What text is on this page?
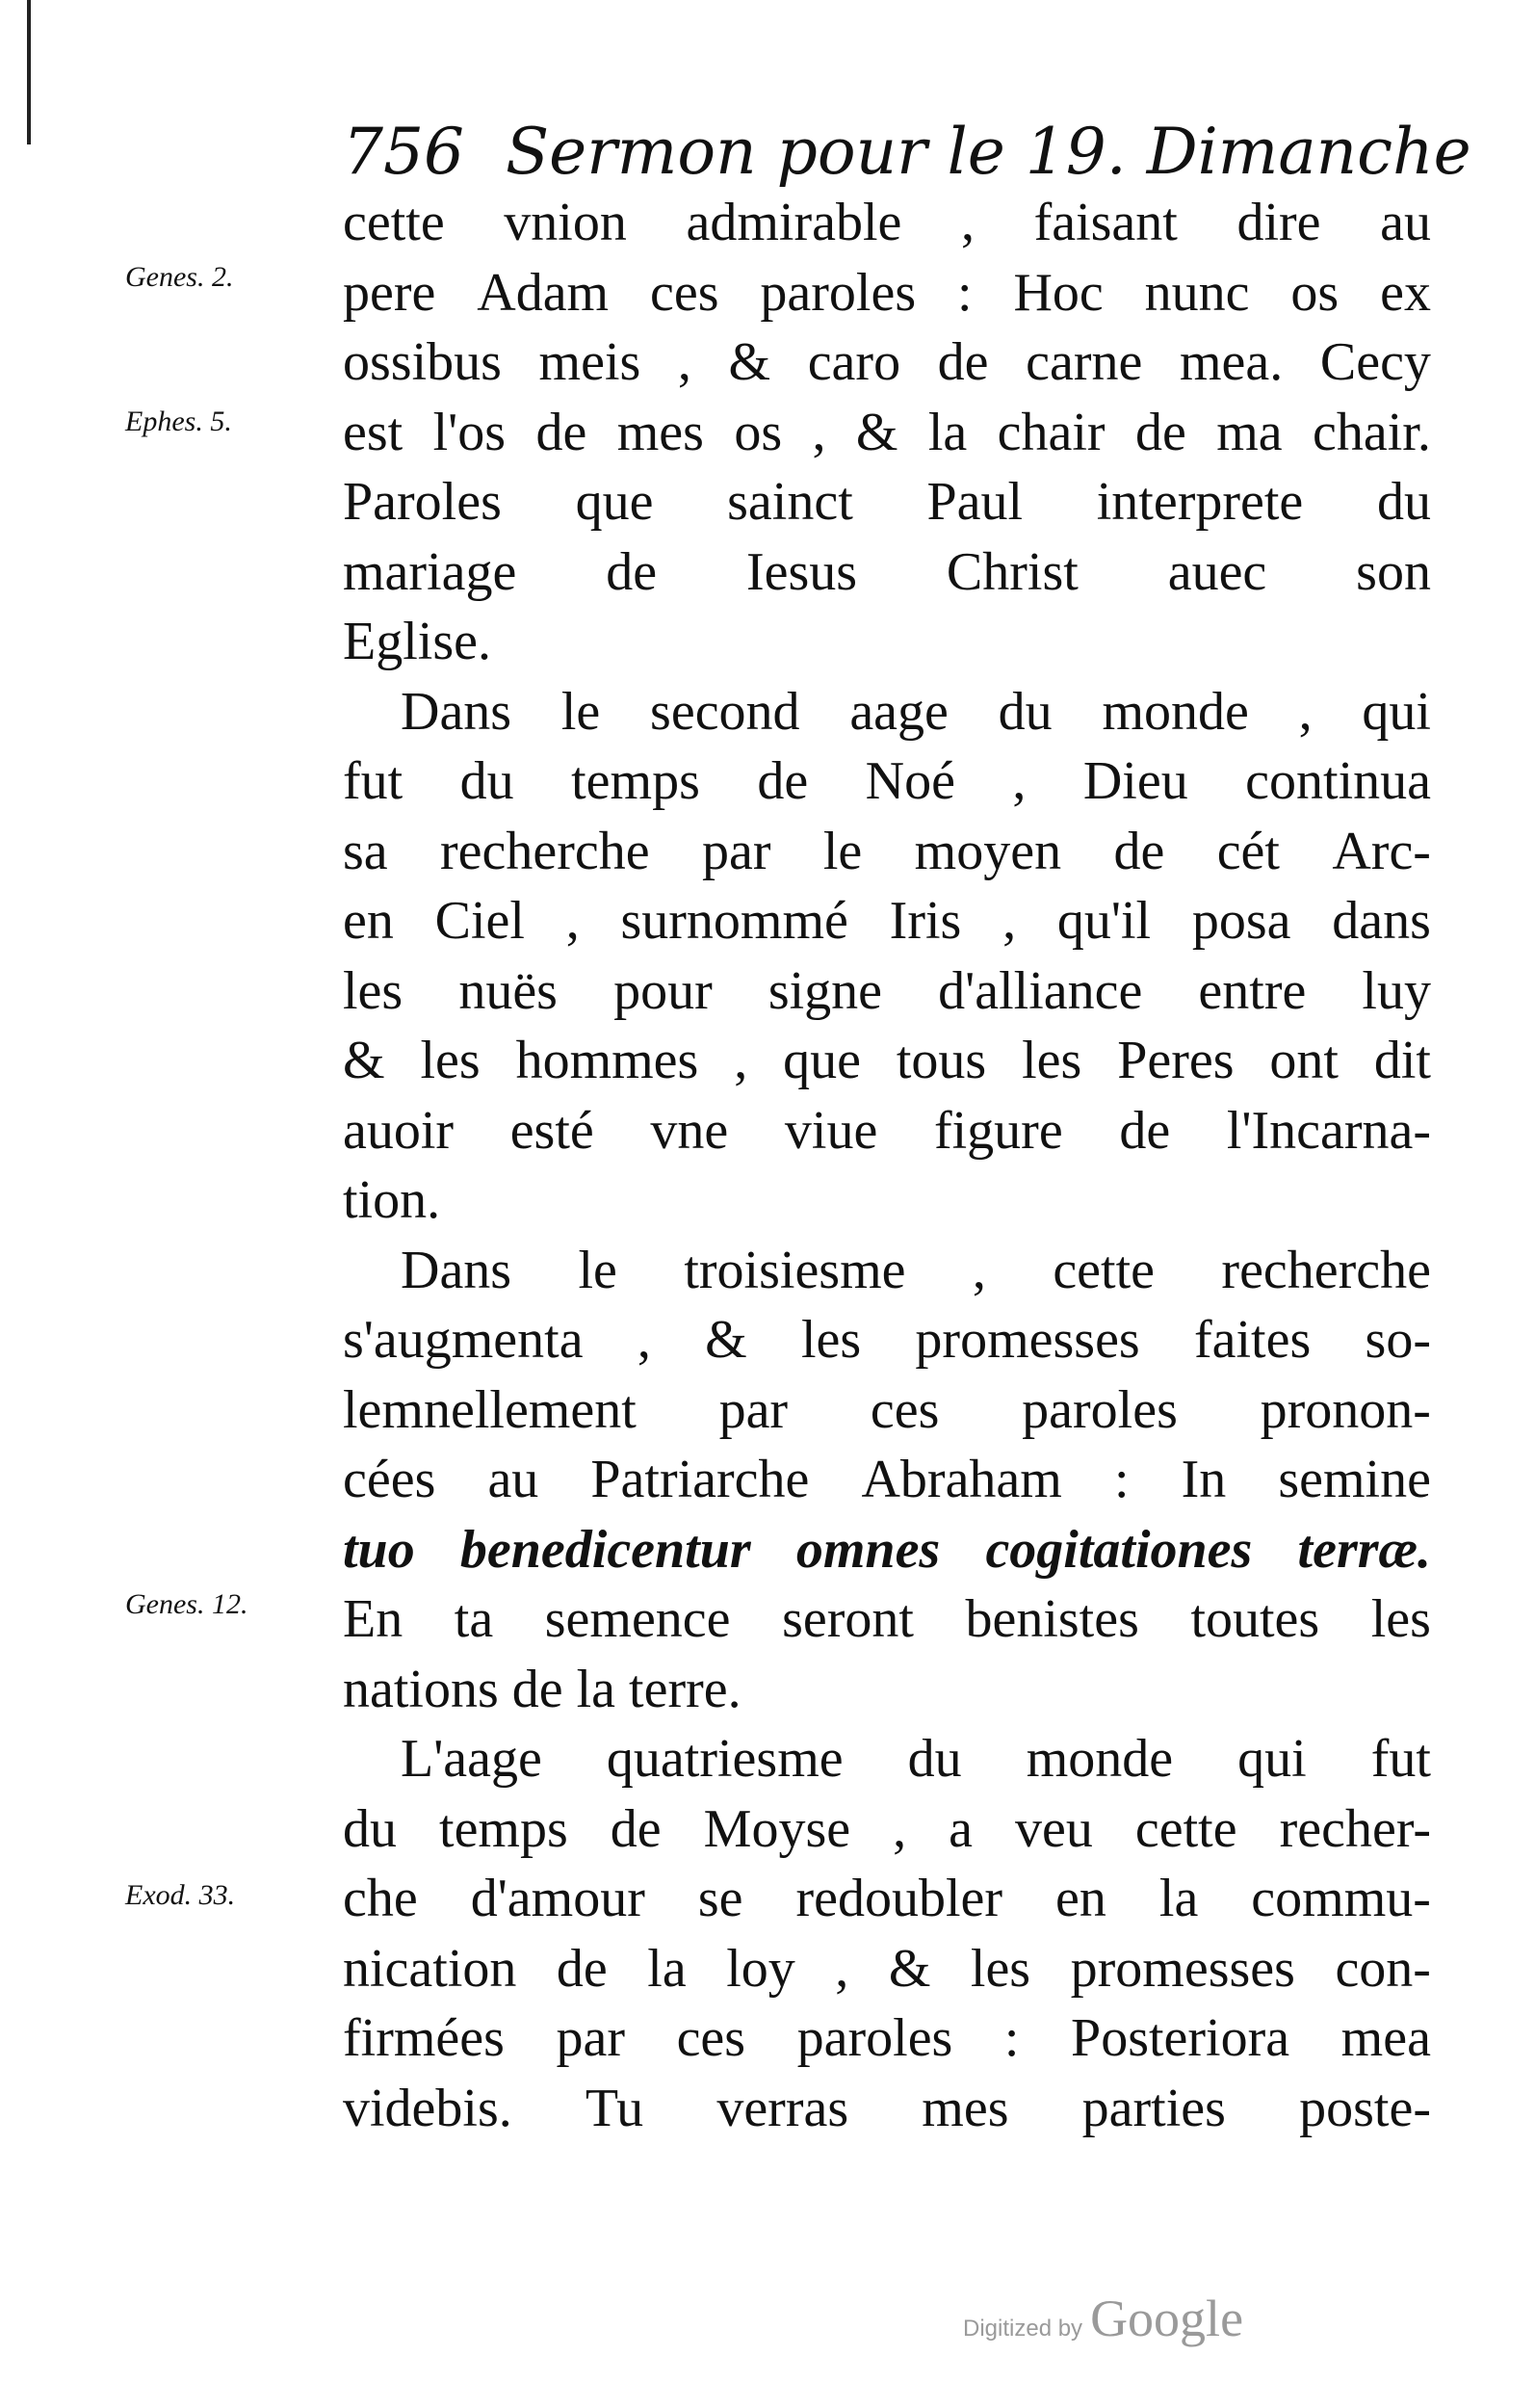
756 Sermon pour le 19. Dimanche
Genes. 2.
Ephes. 5.
Genes. 12.
Exod. 33.
cette vnion admirable , faisant dire au
pere Adam ces paroles : Hoc nunc os ex
ossibus meis , & caro de carne mea. Cecy
est l'os de mes os , & la chair de ma chair.
Paroles que sainct Paul interprete du
mariage de Iesus Christ auec son
Eglise.
Dans le second aage du monde , qui
fut du temps de Noé , Dieu continua
sa recherche par le moyen de cét Arc-
en Ciel , surnommé Iris , qu'il posa dans
les nuës pour signe d'alliance entre luy
& les hommes , que tous les Peres ont dit
auoir esté vne viue figure de l'Incarna-
tion.
Dans le troisiesme , cette recherche
s'augmenta , & les promesses faites so-
lemnellement par ces paroles pronon-
cées au Patriarche Abraham : In semine
tuo benedicentur omnes cogitationes terræ.
En ta semence seront benistes toutes les
nations de la terre.
L'aage quatriesme du monde qui fut
du temps de Moyse , a veu cette recher-
che d'amour se redoubler en la commu-
nication de la loy , & les promesses con-
firmées par ces paroles : Posteriora mea
videbis. Tu verras mes parties poste-
Digitized by Google
